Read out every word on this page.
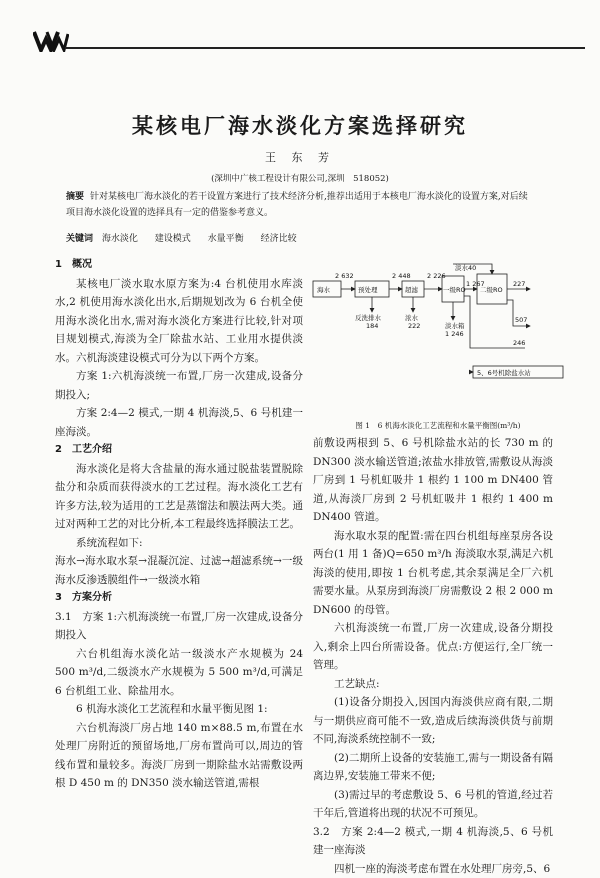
某核电厂海水淡化方案选择研究
王 东 芳
(深圳中广核工程设计有限公司,深圳　518052)
摘要 针对某核电厂海水淡化的若干设置方案进行了技术经济分析,推荐出适用于本核电厂海水淡化的设置方案,对后续项目海水淡化设置的选择具有一定的借鉴参考意义。
关键词 海水淡化 建设模式 水量平衡 经济比较
1　概况

某核电厂淡水取水原方案为:4 台机使用水库淡水,2 机使用海水淡化出水,后期规划改为 6 台机全使用海水淡化出水,需对海水淡化方案进行比较,针对项目规划模式,海淡为全厂除盐水站、工业用水提供淡水。六机海淡建设模式可分为以下两个方案。

方案 1:六机海淡统一布置,厂房一次建成,设备分期投入;

方案 2:4—2 模式,一期 4 机海淡,5、6 号机建一座海淡。

2　工艺介绍

海水淡化是将大含盐量的海水通过脱盐装置脱除盐分和杂质而获得淡水的工艺过程。海水淡化工艺有许多方法,较为适用的工艺是蒸馏法和膜法两大类。通过对两种工艺的对比分析,本工程最终选择膜法工艺。

系统流程如下:

海水→海水取水泵→混凝沉淀、过滤→超滤系统→一级海水反渗透膜组件→一级淡水箱

3　方案分析

3.1　方案 1:六机海淡统一布置,厂房一次建成,设备分期投入

六台机组海水淡化站一级淡水产水规模为 24 500 m³/d,二级淡水产水规模为 5 500 m³/d,可满足 6 台机组工业、除盐用水。

6 机海水淡化工艺流程和水量平衡见图 1:

六台机海淡厂房占地 140 m×88.5 m,布置在水处理厂房附近的预留场地,厂房布置尚可以,周边的管线布置和量较多。海淡厂房到一期除盐水站需敷设两根 D 450 m 的 DN350 淡水输送管道,需根

海水	预处理	超滤	一级RO 二级RO
淡水40
反洗排水	浓水
淡水箱
5、6号机除盐水站
2 632
184
2 448
222
2 226
1 246
1 267	227
507
246
图 1　6 机海水淡化工艺流程和水量平衡图(m³/h)

前敷设两根到 5、6 号机除盐水站的长 730 m 的 DN300 淡水输送管道;浓盐水排放管,需敷设从海淡厂房到 1 号机虹吸井 1 根约 1 100 m DN400 管道,从海淡厂房到 2 号机虹吸井 1 根约 1 400 m DN400 管道。

海水取水泵的配置:需在四台机组每座泵房各设两台(1 用 1 备)Q=650 m³/h 海淡取水泵,满足六机海淡的使用,即按 1 台机考虑,其余泵满足全厂六机需要水量。从泵房到海淡厂房需敷设 2 根 2 000 m DN600 的母管。

六机海淡统一布置,厂房一次建成,设备分期投入,剩余上四台所需设备。优点:方便运行,全厂统一管理。

工艺缺点:

(1)设备分期投入,因国内海淡供应商有限,二期与一期供应商可能不一致,造成后续海淡供货与前期不同,海淡系统控制不一致;

(2)二期所上设备的安装施工,需与一期设备有隔离边界,安装施工带来不便;

(3)需过早的考虑敷设 5、6 号机的管道,经过若干年后,管道将出现的状况不可预见。

3.2　方案 2:4—2 模式,一期 4 机海淡,5、6 号机建一座海淡

四机一座的海淡考虑布置在水处理厂房旁,5、6
